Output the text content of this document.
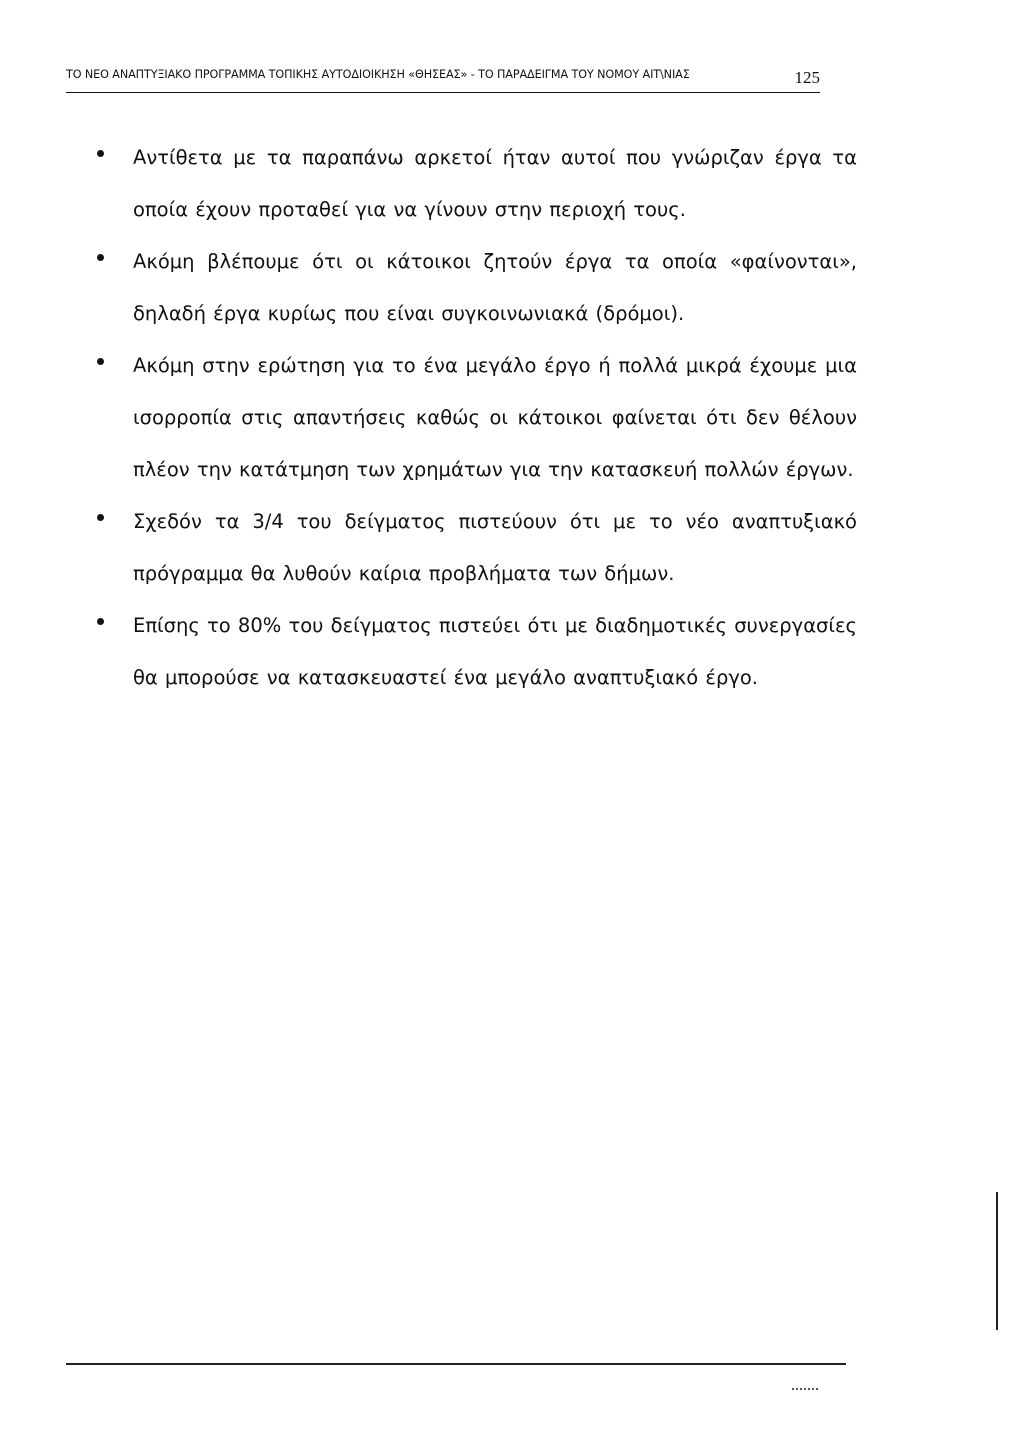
ΤΟ ΝΕΟ ΑΝΑΠΤΥΞΙΑΚΟ ΠΡΟΓΡΑΜΜΑ ΤΟΠΙΚΗΣ ΑΥΤΟΔΙΟΙΚΗΣΗ «ΘΗΣΕΑΣ» - ΤΟ ΠΑΡΑΔΕΙΓΜΑ ΤΟΥ ΝΟΜΟΥ ΑΙΤ\ΝΙΑΣ	125
Αντίθετα με τα παραπάνω αρκετοί ήταν αυτοί που γνώριζαν έργα τα οποία έχουν προταθεί για να γίνουν στην περιοχή τους.
Ακόμη βλέπουμε ότι οι κάτοικοι ζητούν έργα τα οποία «φαίνονται», δηλαδή έργα κυρίως που είναι συγκοινωνιακά (δρόμοι).
Ακόμη στην ερώτηση για το ένα μεγάλο έργο ή πολλά μικρά έχουμε μια ισορροπία στις απαντήσεις καθώς οι κάτοικοι φαίνεται ότι δεν θέλουν πλέον την κατάτμηση των χρημάτων για την κατασκευή πολλών έργων.
Σχεδόν τα 3/4 του δείγματος πιστεύουν ότι με το νέο αναπτυξιακό πρόγραμμα θα λυθούν καίρια προβλήματα των δήμων.
Επίσης το 80% του δείγματος πιστεύει ότι με διαδημοτικές συνεργασίες θα μπορούσε να κατασκευαστεί ένα μεγάλο αναπτυξιακό έργο.
